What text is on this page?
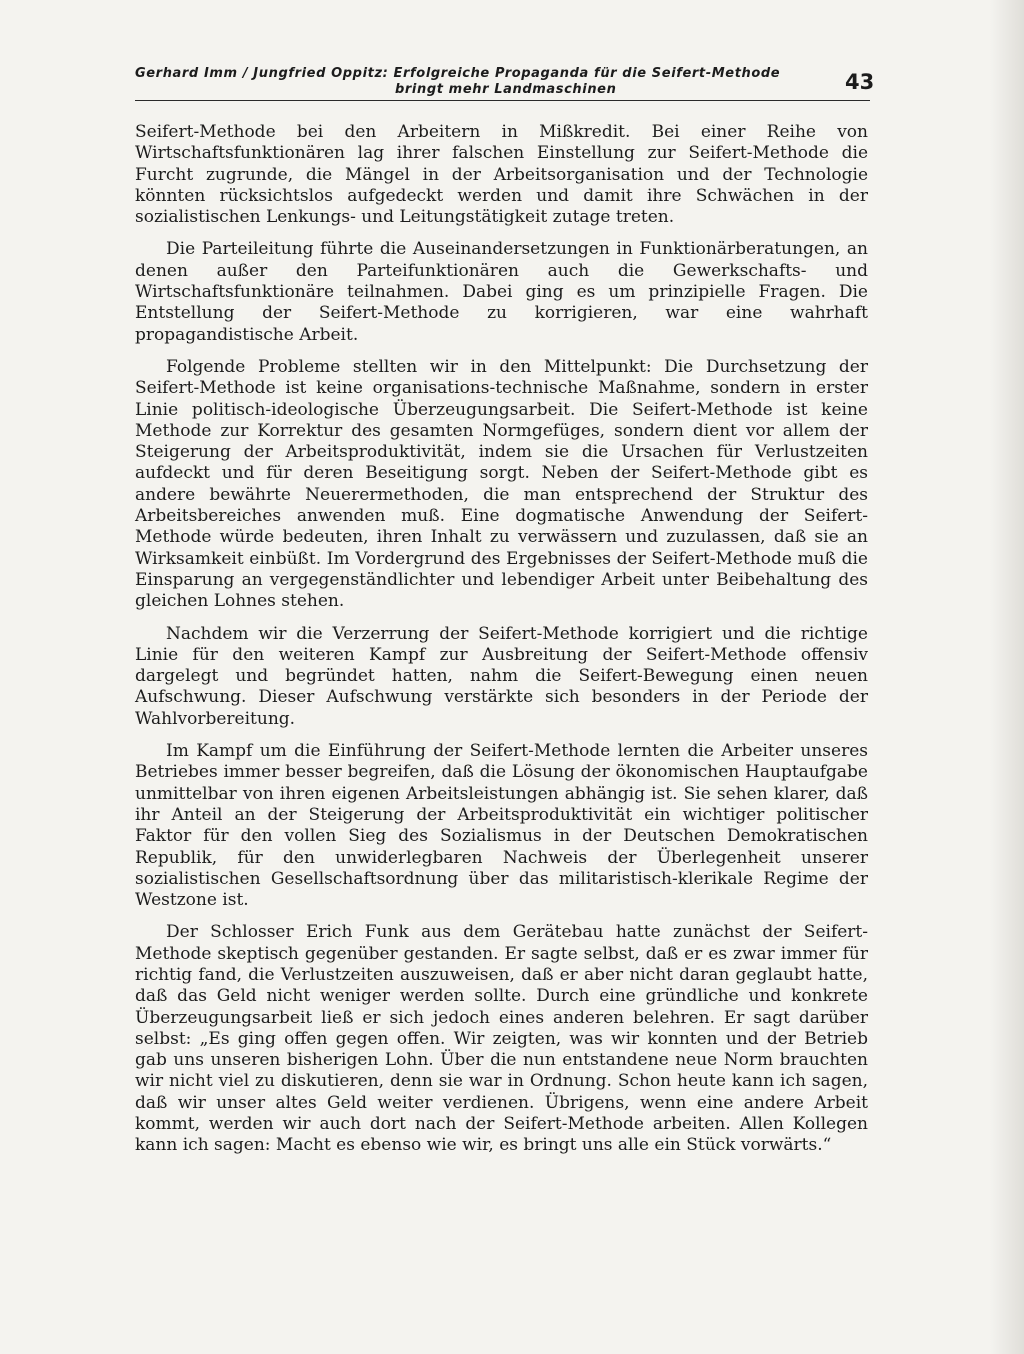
Gerhard Imm / Jungfried Oppitz: Erfolgreiche Propaganda für die Seifert-Methode
bringt mehr Landmaschinen	43

Seifert-Methode bei den Arbeitern in Mißkredit. Bei einer Reihe von Wirtschaftsfunktionären lag ihrer falschen Einstellung zur Seifert-Methode die Furcht zugrunde, die Mängel in der Arbeitsorganisation und der Technologie könnten rücksichtslos aufgedeckt werden und damit ihre Schwächen in der sozialistischen Lenkungs- und Leitungstätigkeit zutage treten.

Die Parteileitung führte die Auseinandersetzungen in Funktionärberatungen, an denen außer den Parteifunktionären auch die Gewerkschafts- und Wirtschaftsfunktionäre teilnahmen. Dabei ging es um prinzipielle Fragen. Die Entstellung der Seifert-Methode zu korrigieren, war eine wahrhaft propagandistische Arbeit.

Folgende Probleme stellten wir in den Mittelpunkt: Die Durchsetzung der Seifert-Methode ist keine organisations-technische Maßnahme, sondern in erster Linie politisch-ideologische Überzeugungsarbeit. Die Seifert-Methode ist keine Methode zur Korrektur des gesamten Normgefüges, sondern dient vor allem der Steigerung der Arbeitsproduktivität, indem sie die Ursachen für Verlustzeiten aufdeckt und für deren Beseitigung sorgt. Neben der Seifert-Methode gibt es andere bewährte Neuerermethoden, die man entsprechend der Struktur des Arbeitsbereiches anwenden muß. Eine dogmatische Anwendung der Seifert-Methode würde bedeuten, ihren Inhalt zu verwässern und zuzulassen, daß sie an Wirksamkeit einbüßt. Im Vordergrund des Ergebnisses der Seifert-Methode muß die Einsparung an vergegenständlichter und lebendiger Arbeit unter Beibehaltung des gleichen Lohnes stehen.

Nachdem wir die Verzerrung der Seifert-Methode korrigiert und die richtige Linie für den weiteren Kampf zur Ausbreitung der Seifert-Methode offensiv dargelegt und begründet hatten, nahm die Seifert-Bewegung einen neuen Aufschwung. Dieser Aufschwung verstärkte sich besonders in der Periode der Wahlvorbereitung.

Im Kampf um die Einführung der Seifert-Methode lernten die Arbeiter unseres Betriebes immer besser begreifen, daß die Lösung der ökonomischen Hauptaufgabe unmittelbar von ihren eigenen Arbeitsleistungen abhängig ist. Sie sehen klarer, daß ihr Anteil an der Steigerung der Arbeitsproduktivität ein wichtiger politischer Faktor für den vollen Sieg des Sozialismus in der Deutschen Demokratischen Republik, für den unwiderlegbaren Nachweis der Überlegenheit unserer sozialistischen Gesellschaftsordnung über das militaristisch-klerikale Regime der Westzone ist.

Der Schlosser Erich Funk aus dem Gerätebau hatte zunächst der Seifert-Methode skeptisch gegenüber gestanden. Er sagte selbst, daß er es zwar immer für richtig fand, die Verlustzeiten auszuweisen, daß er aber nicht daran geglaubt hatte, daß das Geld nicht weniger werden sollte. Durch eine gründliche und konkrete Überzeugungsarbeit ließ er sich jedoch eines anderen belehren. Er sagt darüber selbst: „Es ging offen gegen offen. Wir zeigten, was wir konnten und der Betrieb gab uns unseren bisherigen Lohn. Über die nun entstandene neue Norm brauchten wir nicht viel zu diskutieren, denn sie war in Ordnung. Schon heute kann ich sagen, daß wir unser altes Geld weiter verdienen. Übrigens, wenn eine andere Arbeit kommt, werden wir auch dort nach der Seifert-Methode arbeiten. Allen Kollegen kann ich sagen: Macht es ebenso wie wir, es bringt uns alle ein Stück vorwärts.“
